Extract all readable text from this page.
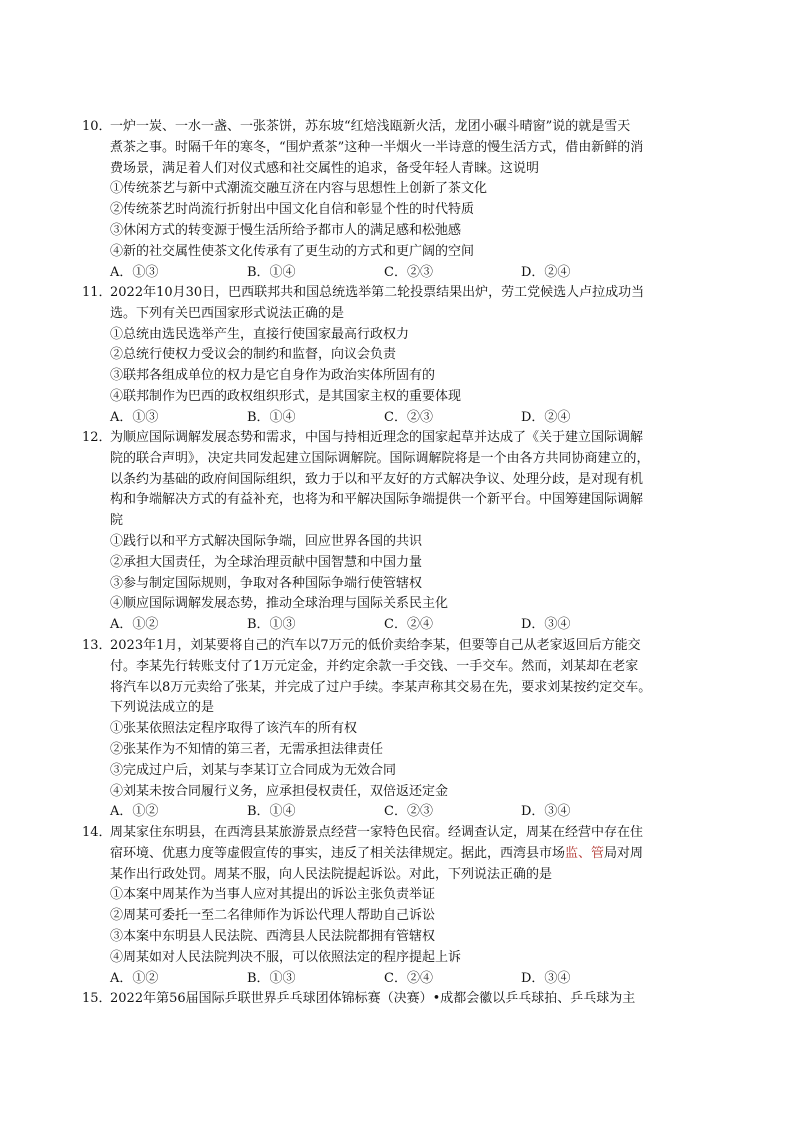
10．

一炉一炭、一水一盏、一张茶饼，苏东坡“红焙浅瓯新火活，龙团小碾斗晴窗”说的就是雪天

煮茶之事。时隔千年的寒冬，“围炉煮茶”这种一半烟火一半诗意的慢生活方式，借由新鲜的消

费场景，满足着人们对仪式感和社交属性的追求，备受年轻人青睐。这说明

①传统茶艺与新中式潮流交融互济在内容与思想性上创新了茶文化
②传统茶艺时尚流行折射出中国文化自信和彰显个性的时代特质
③休闲方式的转变源于慢生活所给予都市人的满足感和松弛感
④新的社交属性使茶文化传承有了更生动的方式和更广阔的空间
A．①③	B．①④	C．②③	D．②④
11．

2022年10月30日，巴西联邦共和国总统选举第二轮投票结果出炉，劳工党候选人卢拉成功当

选。下列有关巴西国家形式说法正确的是

①总统由选民选举产生，直接行使国家最高行政权力
②总统行使权力受议会的制约和监督，向议会负责
③联邦各组成单位的权力是它自身作为政治实体所固有的
④联邦制作为巴西的政权组织形式，是其国家主权的重要体现
A．①③	B．①④	C．②③	D．②④
12．

为顺应国际调解发展态势和需求，中国与持相近理念的国家起草并达成了《关于建立国际调解

院的联合声明》，决定共同发起建立国际调解院。国际调解院将是一个由各方共同协商建立的，

以条约为基础的政府间国际组织，致力于以和平友好的方式解决争议、处理分歧，是对现有机

构和争端解决方式的有益补充，也将为和平解决国际争端提供一个新平台。中国筹建国际调解

院

①践行以和平方式解决国际争端，回应世界各国的共识
②承担大国责任，为全球治理贡献中国智慧和中国力量
③参与制定国际规则，争取对各种国际争端行使管辖权
④顺应国际调解发展态势，推动全球治理与国际关系民主化
A．①②	B．①③	C．②④	D．③④
13．

2023年1月，刘某要将自己的汽车以7万元的低价卖给李某，但要等自己从老家返回后方能交

付。李某先行转账支付了1万元定金，并约定余款一手交钱、一手交车。然而，刘某却在老家

将汽车以8万元卖给了张某，并完成了过户手续。李某声称其交易在先，要求刘某按约定交车。

下列说法成立的是

①张某依照法定程序取得了该汽车的所有权
②张某作为不知情的第三者，无需承担法律责任
③完成过户后，刘某与李某订立合同成为无效合同
④刘某未按合同履行义务，应承担侵权责任，双倍返还定金
A．①②	B．①④	C．②③	D．③④
14．

周某家住东明县，在西湾县某旅游景点经营一家特色民宿。经调查认定，周某在经营中存在住

宿环境、优惠力度等虚假宣传的事实，违反了相关法律规定。据此，西湾县市场监、管局对周

某作出行政处罚。周某不服，向人民法院提起诉讼。对此，下列说法正确的是

①本案中周某作为当事人应对其提出的诉讼主张负责举证
②周某可委托一至二名律师作为诉讼代理人帮助自己诉讼
③本案中东明县人民法院、西湾县人民法院都拥有管辖权
④周某如对人民法院判决不服，可以依照法定的程序提起上诉
A．①②	B．①③	C．②④	D．③④
15．

2022年第56届国际乒联世界乒乓球团体锦标赛（决赛）•成都会徽以乒乓球拍、乒乓球为主
